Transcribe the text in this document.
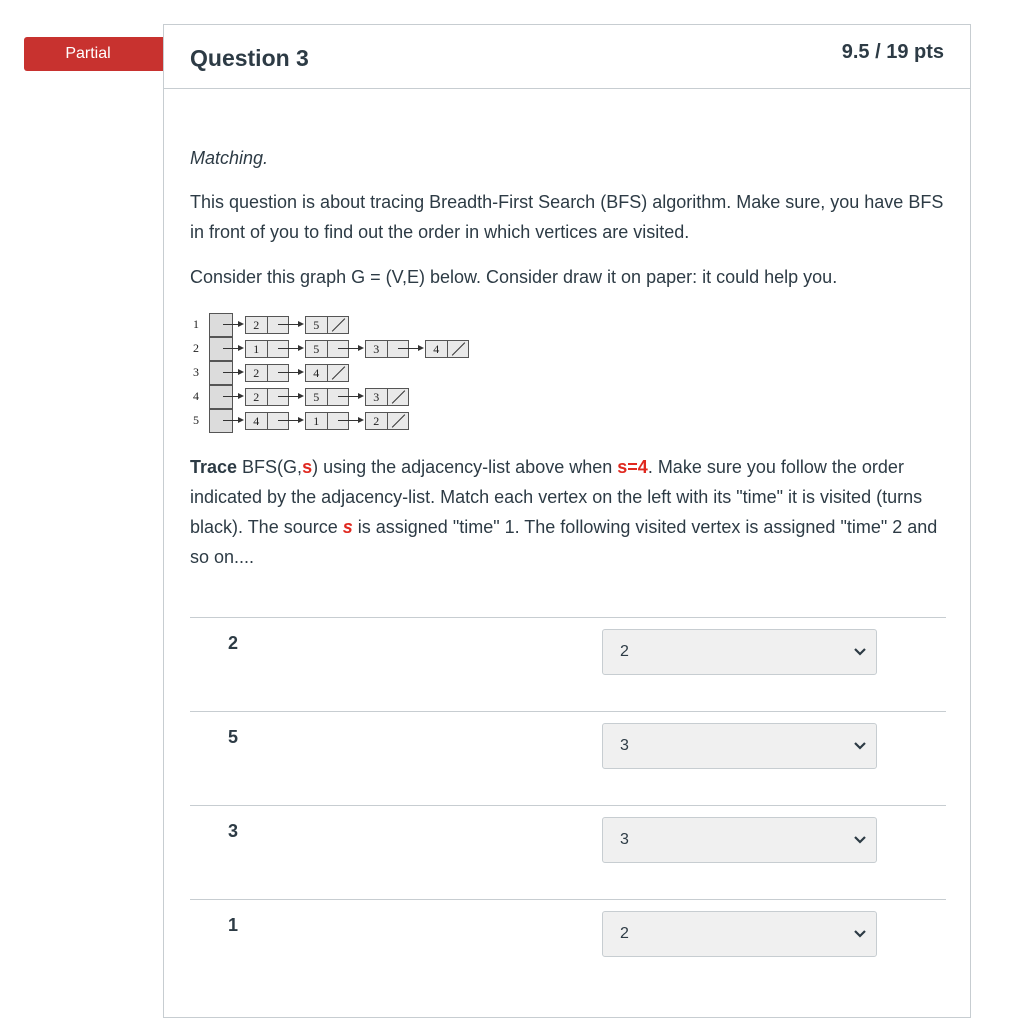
Partial	Question 3	9.5 / 19 pts

Matching.

This question is about tracing Breadth-First Search (BFS) algorithm. Make sure, you have BFS in front of you to find out the order in which vertices are visited.

Consider this graph G = (V,E) below. Consider draw it on paper: it could help you.

1	2	5
2	1	5	3	4
3	2	4
4	2	5	3
5	4	1	2

Trace BFS(G,s) using the adjacency-list above when s=4. Make sure you follow the order indicated by the adjacency-list. Match each vertex on the left with its "time" it is visited (turns black). The source s is assigned "time" 1. The following visited vertex is assigned "time" 2 and so on....

2	2
5	3
3	3
1	2
